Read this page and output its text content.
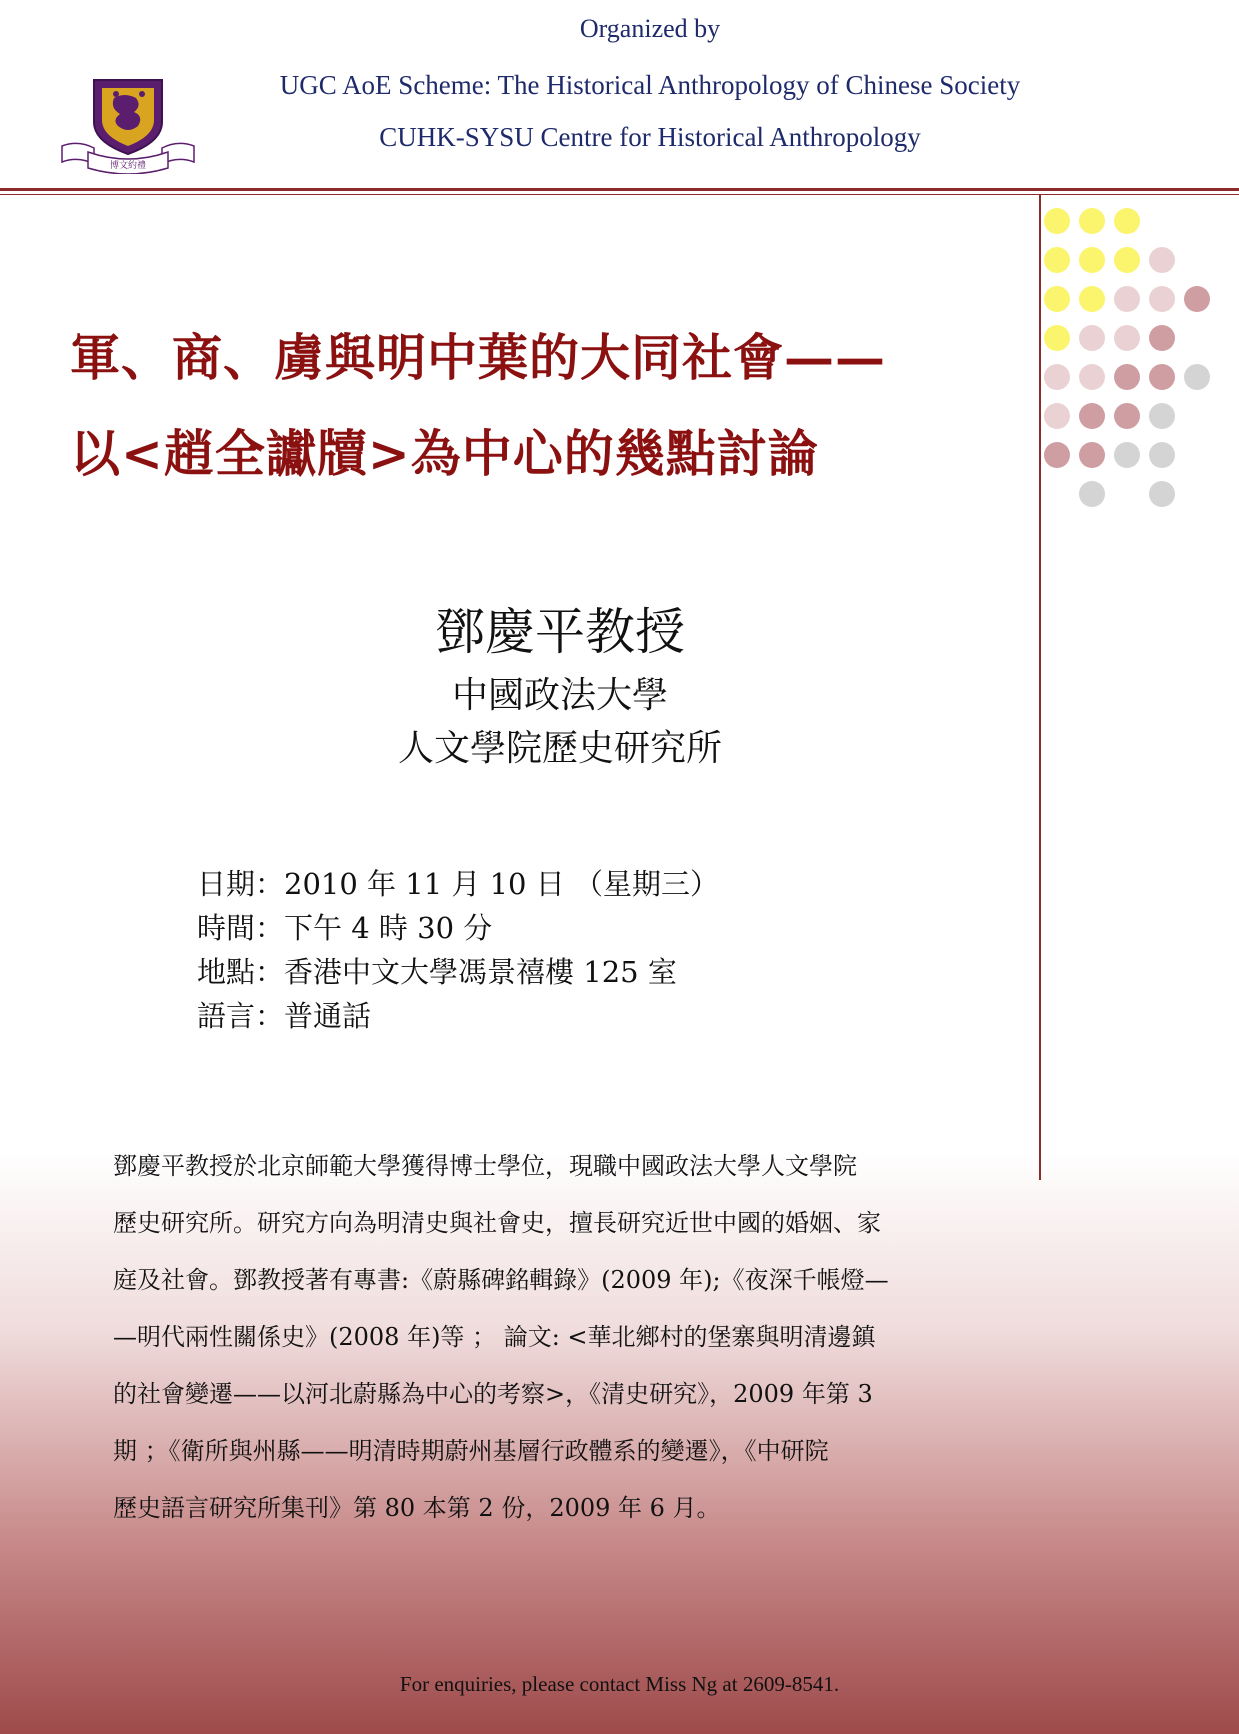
Organized by
UGC AoE Scheme: The Historical Anthropology of Chinese Society
CUHK-SYSU Centre for Historical Anthropology
博文約禮
軍、商、虜與明中葉的大同社會——
以<趙全讞牘>為中心的幾點討論
鄧慶平教授
中國政法大學
人文學院歷史研究所
日期：2010 年 11 月 10 日 （星期三）
時間：下午 4 時 30 分
地點：香港中文大學馮景禧樓 125 室
語言：普通話
鄧慶平教授於北京師範大學獲得博士學位，現職中國政法大學人文學院
歷史研究所。研究方向為明清史與社會史，擅長研究近世中國的婚姻、家
庭及社會。鄧教授著有專書:《蔚縣碑銘輯錄》(2009 年);《夜深千帳燈—
—明代兩性關係史》(2008 年)等 ； 論文: <華北鄉村的堡寨與明清邊鎮
的社會變遷——以河北蔚縣為中心的考察>，《清史研究》，2009 年第 3
期 ；《衛所與州縣——明清時期蔚州基層行政體系的變遷》，《中研院
歷史語言研究所集刊》第 80 本第 2 份，2009 年 6 月。
For enquiries, please contact Miss Ng at 2609-8541.
